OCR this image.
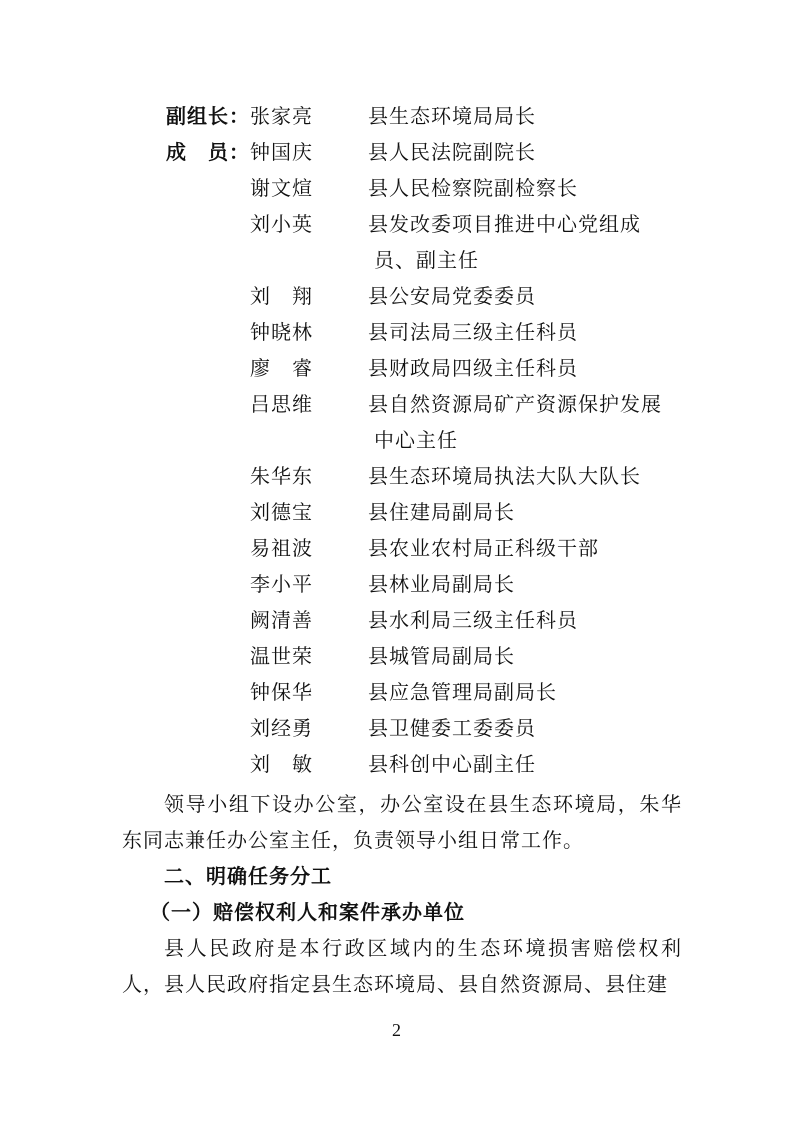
副组长： 张家亮	县生态环境局局长
成　员： 钟国庆	县人民法院副院长
谢文煊	县人民检察院副检察长
刘小英	县发改委项目推进中心党组成
员、副主任
刘　翔	县公安局党委委员
钟晓林	县司法局三级主任科员
廖　睿	县财政局四级主任科员
吕思维	县自然资源局矿产资源保护发展
中心主任
朱华东	县生态环境局执法大队大队长
刘德宝	县住建局副局长
易祖波	县农业农村局正科级干部
李小平	县林业局副局长
阙清善	县水利局三级主任科员
温世荣	县城管局副局长
钟保华	县应急管理局副局长
刘经勇	县卫健委工委委员
刘　敏	县科创中心副主任

领导小组下设办公室，办公室设在县生态环境局，朱华东同志兼任办公室主任，负责领导小组日常工作。

二、明确任务分工
（一）赔偿权利人和案件承办单位

县人民政府是本行政区域内的生态环境损害赔偿权利人，县人民政府指定县生态环境局、县自然资源局、县住建

2
